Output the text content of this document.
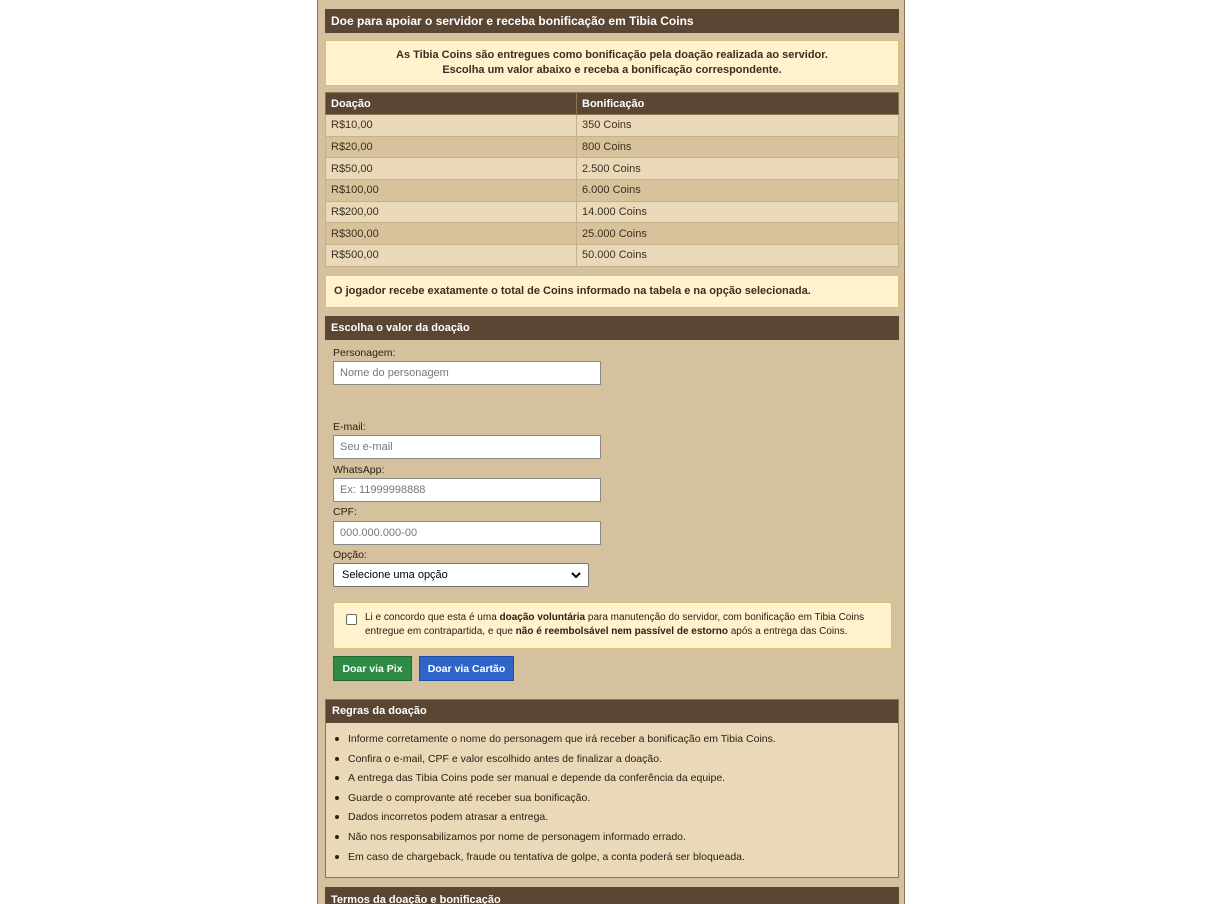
Doe para apoiar o servidor e receba bonificação em Tibia Coins
As Tibia Coins são entregues como bonificação pela doação realizada ao servidor.
Escolha um valor abaixo e receba a bonificação correspondente.
Doação	Bonificação
R$10,00	350 Coins
R$20,00	800 Coins
R$50,00	2.500 Coins
R$100,00	6.000 Coins
R$200,00	14.000 Coins
R$300,00	25.000 Coins
R$500,00	50.000 Coins
O jogador recebe exatamente o total de Coins informado na tabela e na opção selecionada.
Escolha o valor da doação
Personagem:
Nome do personagem
E-mail:
Seu e-mail
WhatsApp:
Ex: 11999998888
CPF:
000.000.000-00
Opção:
Selecione uma opção
Li e concordo que esta é uma doação voluntária para manutenção do servidor, com bonificação em Tibia Coins entregue em contrapartida, e que não é reembolsável nem passível de estorno após a entrega das Coins.
Doar via Pix	Doar via Cartão
Regras da doação
Informe corretamente o nome do personagem que irá receber a bonificação em Tibia Coins.
Confira o e-mail, CPF e valor escolhido antes de finalizar a doação.
A entrega das Tibia Coins pode ser manual e depende da conferência da equipe.
Guarde o comprovante até receber sua bonificação.
Dados incorretos podem atrasar a entrega.
Não nos responsabilizamos por nome de personagem informado errado.
Em caso de chargeback, fraude ou tentativa de golpe, a conta poderá ser bloqueada.
Termos da doação e bonificação
